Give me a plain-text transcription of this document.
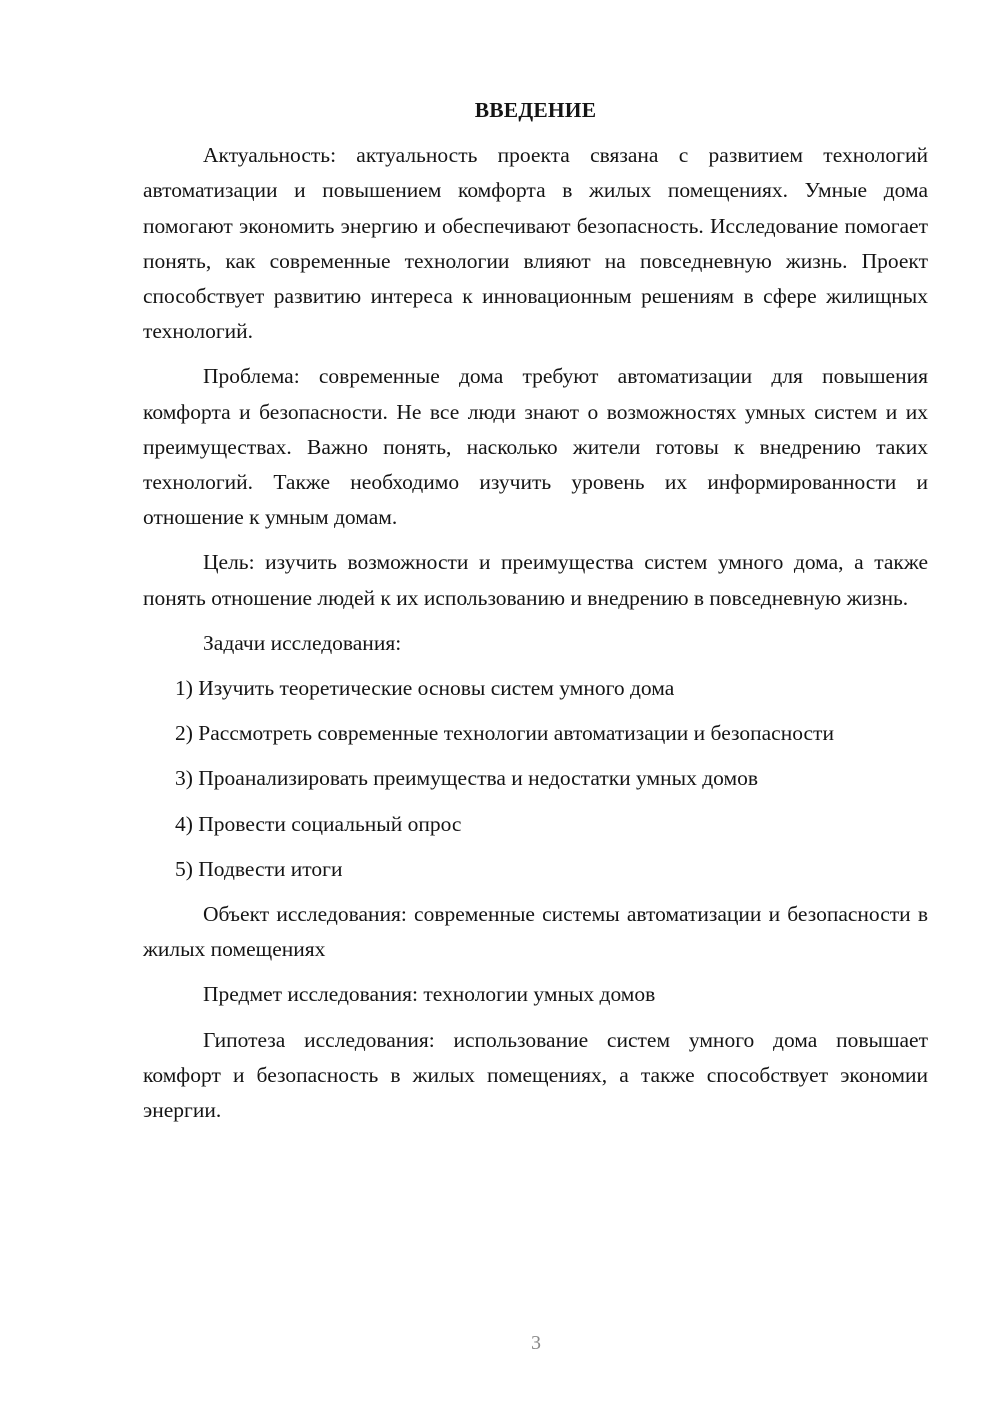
ВВЕДЕНИЕ

Актуальность: актуальность проекта связана с развитием технологий автоматизации и повышением комфорта в жилых помещениях. Умные дома помогают экономить энергию и обеспечивают безопасность. Исследование помогает понять, как современные технологии влияют на повседневную жизнь. Проект способствует развитию интереса к инновационным решениям в сфере жилищных технологий.

Проблема: современные дома требуют автоматизации для повышения комфорта и безопасности. Не все люди знают о возможностях умных систем и их преимуществах. Важно понять, насколько жители готовы к внедрению таких технологий. Также необходимо изучить уровень их информированности и отношение к умным домам.

Цель: изучить возможности и преимущества систем умного дома, а также понять отношение людей к их использованию и внедрению в повседневную жизнь.

Задачи исследования:

1) Изучить теоретические основы систем умного дома

2) Рассмотреть современные технологии автоматизации и безопасности

3) Проанализировать преимущества и недостатки умных домов

4) Провести социальный опрос

5) Подвести итоги

Объект исследования: современные системы автоматизации и безопасности в жилых помещениях

Предмет исследования: технологии умных домов

Гипотеза исследования: использование систем умного дома повышает комфорт и безопасность в жилых помещениях, а также способствует экономии энергии.

3
